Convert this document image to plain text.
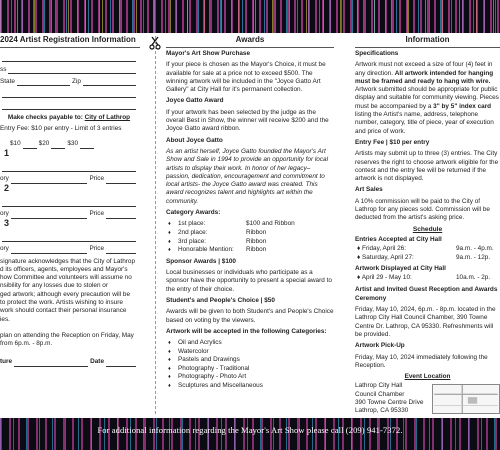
2024 Artist Registration Information
ss
State	Zip

Make checks payable to: City of Lathrop

Entry Fee: $10 per entry - Limit of 3 entries

$10	$20	$30
1
ory	Price
2
ory	Price
3
ory	Price
signature acknowledges that the City of Lathrop
d its officers, agents, employees and Mayor's
how Committee and volunteers will assume no
nsibility for any losses due to stolen or
ged artwork; although every precaution will be
to protect the work. Artists wishing to insure
work should contact their personal insurance
ies.
plan on attending the Reception on Friday, May
from 6p.m. - 8p.m.
ture	Date
Awards

Mayor's Art Show Purchase

If your piece is chosen as the Mayor's Choice, it must be available for sale at a price not to exceed $500. The winning artwork will be included in the "Joyce Gatto Art Gallery" at City Hall for it's permanent collection.

Joyce Gatto Award

If your artwork has been selected by the judge as the overall Best in Show, the winner will receive $200 and the Joyce Gatto award ribbon.

About Joyce Gatto

As an artist herself, Joyce Gatto founded the Mayor's Art Show and Sale in 1994 to provide an opportunity for local artists to display their work. In honor of her legacy– passion, dedication, encouragement and commitment to local artists- the Joyce Gatto award was created. This award recognizes talent and highlights art within the community.

Category Awards:

♦ 1st place:	$100 and Ribbon
♦ 2nd place:	Ribbon
♦ 3rd place:	Ribbon
♦ Honorable Mention:	Ribbon

Sponsor Awards | $100

Local businesses or individuals who participate as a sponsor have the opportunity to present a special award to the entry of their choice.

Student's and People's Choice | $50

Awards will be given to both Student's and People's Choice based on voting by the viewers.

Artwork will be accepted in the following Categories:

♦ Oil and Acrylics
♦ Watercolor
♦ Pastels and Drawings
♦ Photography - Traditional
♦ Photography - Photo Art
♦ Sculptures and Miscellaneous
Information

Specifications

Artwork must not exceed a size of four (4) feet in any direction. All artwork intended for hanging must be framed and ready to hang with wire. Artwork submitted should be appropriate for public display and suitable for community viewing. Pieces must be accompanied by a 3" by 5" index card listing the Artist's name, address, telephone number, category, title of piece, year of execution and price of work.

Entry Fee | $10 per entry

Artists may submit up to three (3) entries. The City reserves the right to choose artwork eligible for the contest and the entry fee will be returned if the artwork is not displayed.

Art Sales

A 10% commission will be paid to the City of Lathrop for any pieces sold. Commission will be deducted from the artist's asking price.

Schedule

Entries Accepted at City Hall

♦ Friday, April 26:	9a.m. - 4p.m.
♦ Saturday, April 27:	9a.m. - 12p.

Artwork Displayed at City Hall

♦ April 29 - May 10:	10a.m. - 2p.

Artist and Invited Guest Reception and Awards Ceremony

Friday, May 10, 2024, 6p.m. - 8p.m. located in the Lathrop City Hall Council Chamber, 390 Towne Centre Dr. Lathrop, CA 95330. Refreshments will be provided.

Artwork Pick-Up

Friday, May 10, 2024 immediately following the Reception.

Event Location
Lathrop City Hall
Council Chamber
390 Towne Centre Drive
Lathrop, CA 95330
For additional information regarding the Mayor's Art Show please call (209) 941-7372.
